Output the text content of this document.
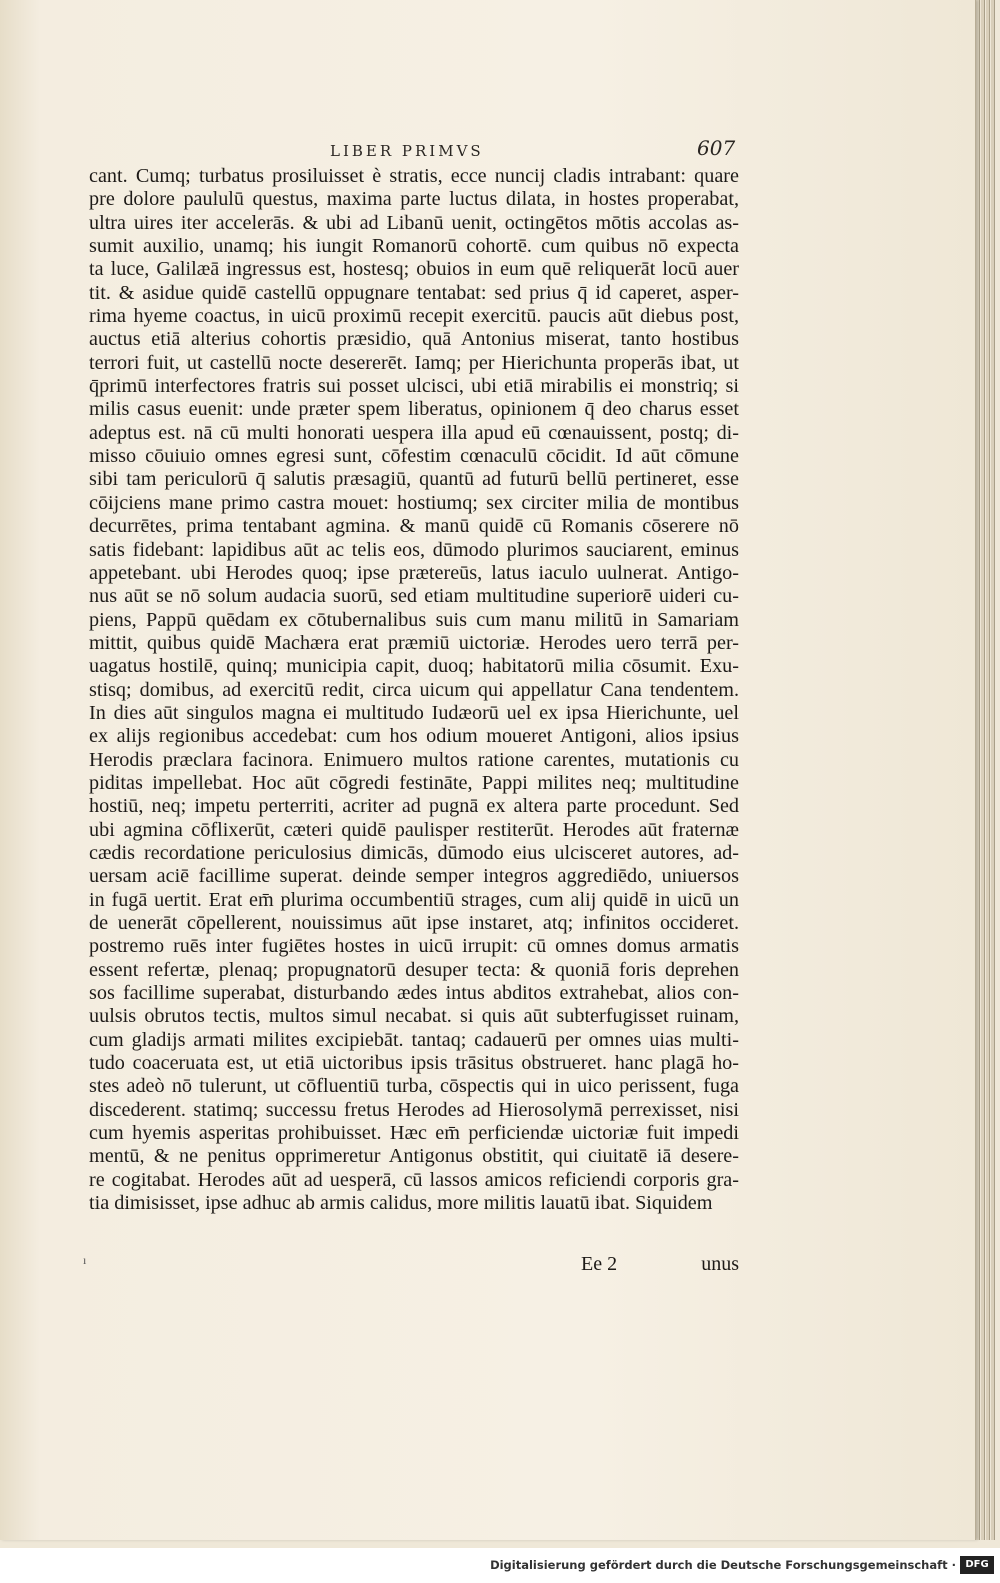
LIBER PRIMVS	607
cant. Cumq; turbatus prosiluisset è stratis, ecce nuncij cladis intrabant: quare
pre dolore paululū questus, maxima parte luctus dilata, in hostes properabat,
ultra uires iter accelerās. & ubi ad Libanū uenit, octingētos mōtis accolas as-
sumit auxilio, unamq; his iungit Romanorū cohortē. cum quibus nō expecta
ta luce, Galilæā ingressus est, hostesq; obuios in eum quē reliquerāt locū auer
tit. & asidue quidē castellū oppugnare tentabat: sed prius q̄ id caperet, asper-
rima hyeme coactus, in uicū proximū recepit exercitū. paucis aūt diebus post,
auctus etiā alterius cohortis præsidio, quā Antonius miserat, tanto hostibus
terrori fuit, ut castellū nocte desererēt. Iamq; per Hierichunta properās ibat, ut
q̄primū interfectores fratris sui posset ulcisci, ubi etiā mirabilis ei monstriq; si
milis casus euenit: unde præter spem liberatus, opinionem q̄ deo charus esset
adeptus est. nā cū multi honorati uespera illa apud eū cœnauissent, postq; di-
misso cōuiuio omnes egresi sunt, cōfestim cœnaculū cōcidit. Id aūt cōmune
sibi tam periculorū q̄ salutis præsagiū, quantū ad futurū bellū pertineret, esse
cōijciens mane primo castra mouet: hostiumq; sex circiter milia de montibus
decurrētes, prima tentabant agmina. & manū quidē cū Romanis cōserere nō
satis fidebant: lapidibus aūt ac telis eos, dūmodo plurimos sauciarent, eminus
appetebant. ubi Herodes quoq; ipse prætereūs, latus iaculo uulnerat. Antigo-
nus aūt se nō solum audacia suorū, sed etiam multitudine superiorē uideri cu-
piens, Pappū quēdam ex cōtubernalibus suis cum manu militū in Samariam
mittit, quibus quidē Machæra erat præmiū uictoriæ. Herodes uero terrā per-
uagatus hostilē, quinq; municipia capit, duoq; habitatorū milia cōsumit. Exu-
stisq; domibus, ad exercitū redit, circa uicum qui appellatur Cana tendentem.
In dies aūt singulos magna ei multitudo Iudæorū uel ex ipsa Hierichunte, uel
ex alijs regionibus accedebat: cum hos odium moueret Antigoni, alios ipsius
Herodis præclara facinora. Enimuero multos ratione carentes, mutationis cu
piditas impellebat. Hoc aūt cōgredi festināte, Pappi milites neq; multitudine
hostiū, neq; impetu perterriti, acriter ad pugnā ex altera parte procedunt. Sed
ubi agmina cōflixerūt, cæteri quidē paulisper restiterūt. Herodes aūt fraternæ
cædis recordatione periculosius dimicās, dūmodo eius ulcisceret autores, ad-
uersam aciē facillime superat. deinde semper integros aggrediēdo, uniuersos
in fugā uertit. Erat em̄ plurima occumbentiū strages, cum alij quidē in uicū un
de uenerāt cōpellerent, nouissimus aūt ipse instaret, atq; infinitos occideret.
postremo ruēs inter fugiētes hostes in uicū irrupit: cū omnes domus armatis
essent refertæ, plenaq; propugnatorū desuper tecta: & quoniā foris deprehen
sos facillime superabat, disturbando ædes intus abditos extrahebat, alios con-
uulsis obrutos tectis, multos simul necabat. si quis aūt subterfugisset ruinam,
cum gladijs armati milites excipiebāt. tantaq; cadauerū per omnes uias multi-
tudo coaceruata est, ut etiā uictoribus ipsis trāsitus obstrueret. hanc plagā ho-
stes adeò nō tulerunt, ut cōfluentiū turba, cōspectis qui in uico perissent, fuga
discederent. statimq; successu fretus Herodes ad Hierosolymā perrexisset, nisi
cum hyemis asperitas prohibuisset. Hæc em̄ perficiendæ uictoriæ fuit impedi
mentū, & ne penitus opprimeretur Antigonus obstitit, qui ciuitatē iā desere-
re cogitabat. Herodes aūt ad uesperā, cū lassos amicos reficiendi corporis gra-
tia dimisisset, ipse adhuc ab armis calidus, more militis lauatū ibat. Siquidem
ı	Ee 2	unus
Digitalisierung gefördert durch die Deutsche Forschungsgemeinschaft · DFG
